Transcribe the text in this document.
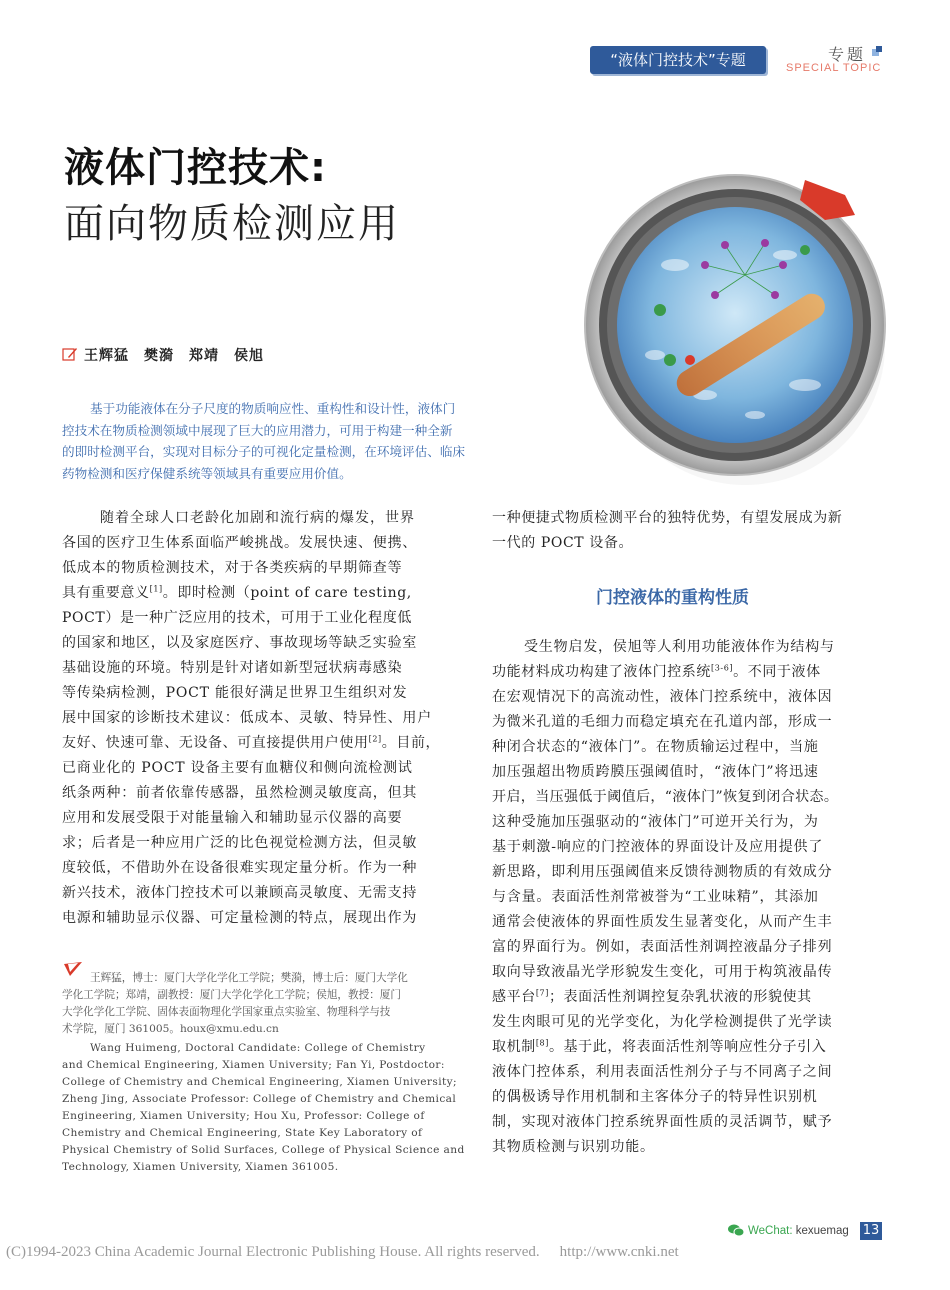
“液体门控技术”专题	专题
SPECIAL TOPIC
液体门控技术:
面向物质检测应用
王辉猛　樊漪　郑靖　侯旭
基于功能液体在分子尺度的物质响应性、重构性和设计性，液体门
控技术在物质检测领域中展现了巨大的应用潜力，可用于构建一种全新
的即时检测平台，实现对目标分子的可视化定量检测，在环境评估、临床
药物检测和医疗保健系统等领域具有重要应用价值。
随着全球人口老龄化加剧和流行病的爆发，世界
各国的医疗卫生体系面临严峻挑战。发展快速、便携、
低成本的物质检测技术，对于各类疾病的早期筛查等
具有重要意义[1]。即时检测（point of care testing,
POCT）是一种广泛应用的技术，可用于工业化程度低
的国家和地区，以及家庭医疗、事故现场等缺乏实验室
基础设施的环境。特别是针对诸如新型冠状病毒感染
等传染病检测，POCT 能很好满足世界卫生组织对发
展中国家的诊断技术建议：低成本、灵敏、特异性、用户
友好、快速可靠、无设备、可直接提供用户使用[2]。目前，
已商业化的 POCT 设备主要有血糖仪和侧向流检测试
纸条两种：前者依靠传感器，虽然检测灵敏度高，但其
应用和发展受限于对能量输入和辅助显示仪器的高要
求；后者是一种应用广泛的比色视觉检测方法，但灵敏
度较低，不借助外在设备很难实现定量分析。作为一种
新兴技术，液体门控技术可以兼顾高灵敏度、无需支持
电源和辅助显示仪器、可定量检测的特点，展现出作为
王辉猛，博士：厦门大学化学化工学院；樊漪，博士后：厦门大学化
学化工学院；郑靖，副教授：厦门大学化学化工学院；侯旭，教授：厦门
大学化学化工学院、固体表面物理化学国家重点实验室、物理科学与技
术学院，厦门 361005。houx@xmu.edu.cn
Wang Huimeng, Doctoral Candidate: College of Chemistry
and Chemical Engineering, Xiamen University; Fan Yi, Postdoctor:
College of Chemistry and Chemical Engineering, Xiamen University;
Zheng Jing, Associate Professor: College of Chemistry and Chemical
Engineering, Xiamen University; Hou Xu, Professor: College of
Chemistry and Chemical Engineering, State Key Laboratory of
Physical Chemistry of Solid Surfaces, College of Physical Science and
Technology, Xiamen University, Xiamen 361005.
一种便捷式物质检测平台的独特优势，有望发展成为新
一代的 POCT 设备。
门控液体的重构性质
受生物启发，侯旭等人利用功能液体作为结构与
功能材料成功构建了液体门控系统[3-6]。不同于液体
在宏观情况下的高流动性，液体门控系统中，液体因
为微米孔道的毛细力而稳定填充在孔道内部，形成一
种闭合状态的“液体门”。在物质输运过程中，当施
加压强超出物质跨膜压强阈值时，“液体门”将迅速
开启，当压强低于阈值后，“液体门”恢复到闭合状态。
这种受施加压强驱动的“液体门”可逆开关行为，为
基于刺激-响应的门控液体的界面设计及应用提供了
新思路，即利用压强阈值来反馈待测物质的有效成分
与含量。表面活性剂常被誉为“工业味精”，其添加
通常会使液体的界面性质发生显著变化，从而产生丰
富的界面行为。例如，表面活性剂调控液晶分子排列
取向导致液晶光学形貌发生变化，可用于构筑液晶传
感平台[7]；表面活性剂调控复杂乳状液的形貌使其
发生肉眼可见的光学变化，为化学检测提供了光学读
取机制[8]。基于此，将表面活性剂等响应性分子引入
液体门控体系，利用表面活性剂分子与不同离子之间
的偶极诱导作用机制和主客体分子的特异性识别机
制，实现对液体门控系统界面性质的灵活调节，赋予
其物质检测与识别功能。
WeChat: kexuemag 13
(C)1994-2023 China Academic Journal Electronic Publishing House. All rights reserved. http://www.cnki.net
